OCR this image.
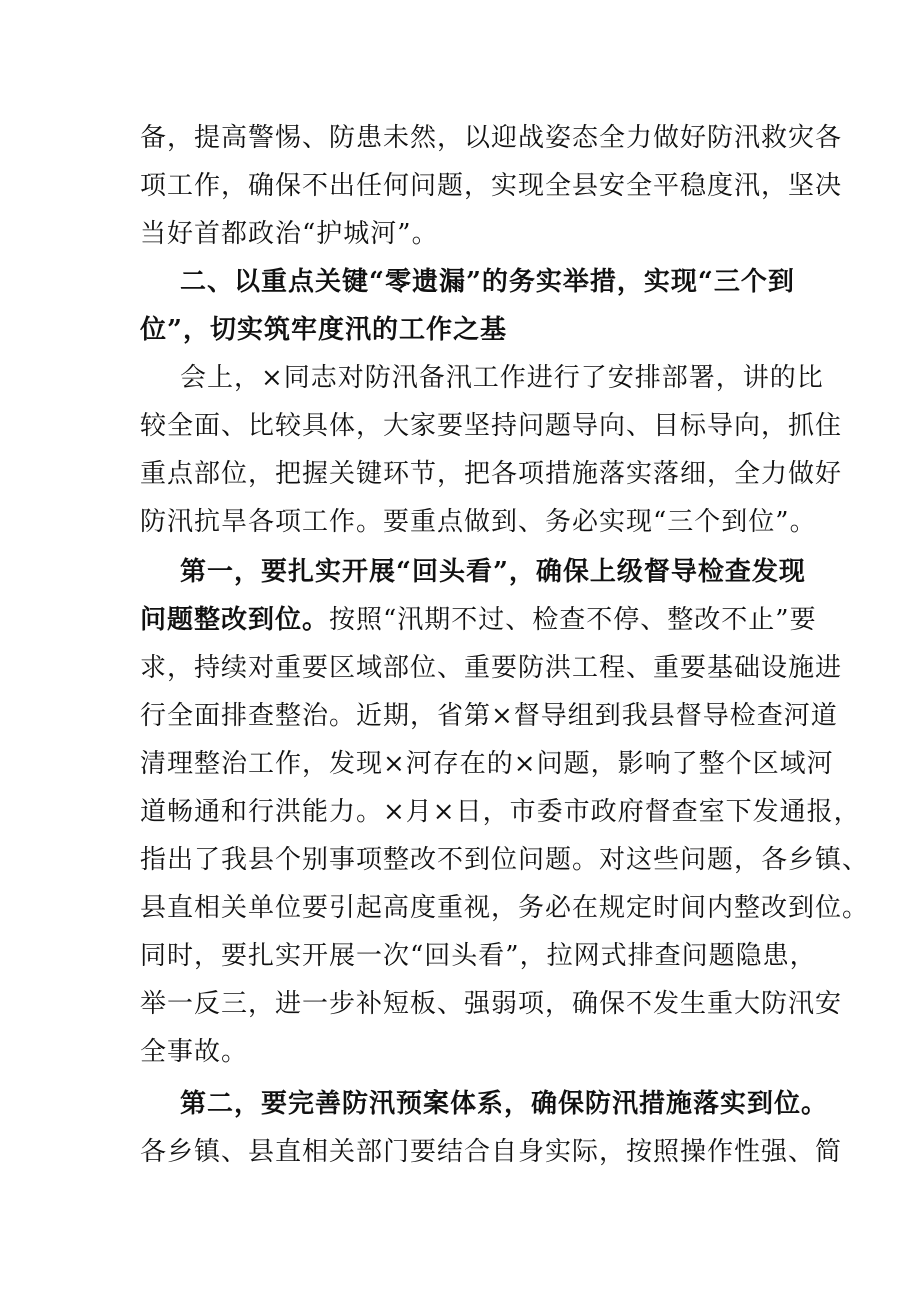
备，提高警惕、防患未然，以迎战姿态全力做好防汛救灾各
项工作，确保不出任何问题，实现全县安全平稳度汛，坚决
当好首都政治“护城河”。
二、以重点关键“零遗漏”的务实举措，实现“三个到
位”，切实筑牢度汛的工作之基
会上，×同志对防汛备汛工作进行了安排部署，讲的比
较全面、比较具体，大家要坚持问题导向、目标导向，抓住
重点部位，把握关键环节，把各项措施落实落细，全力做好
防汛抗旱各项工作。要重点做到、务必实现“三个到位”。
第一，要扎实开展“回头看”，确保上级督导检查发现
问题整改到位。按照“汛期不过、检查不停、整改不止”要
求，持续对重要区域部位、重要防洪工程、重要基础设施进
行全面排查整治。近期，省第×督导组到我县督导检查河道
清理整治工作，发现×河存在的×问题，影响了整个区域河
道畅通和行洪能力。×月×日，市委市政府督查室下发通报，
指出了我县个别事项整改不到位问题。对这些问题，各乡镇、
县直相关单位要引起高度重视，务必在规定时间内整改到位。
同时，要扎实开展一次“回头看”，拉网式排查问题隐患，
举一反三，进一步补短板、强弱项，确保不发生重大防汛安
全事故。
第二，要完善防汛预案体系，确保防汛措施落实到位。
各乡镇、县直相关部门要结合自身实际，按照操作性强、简
